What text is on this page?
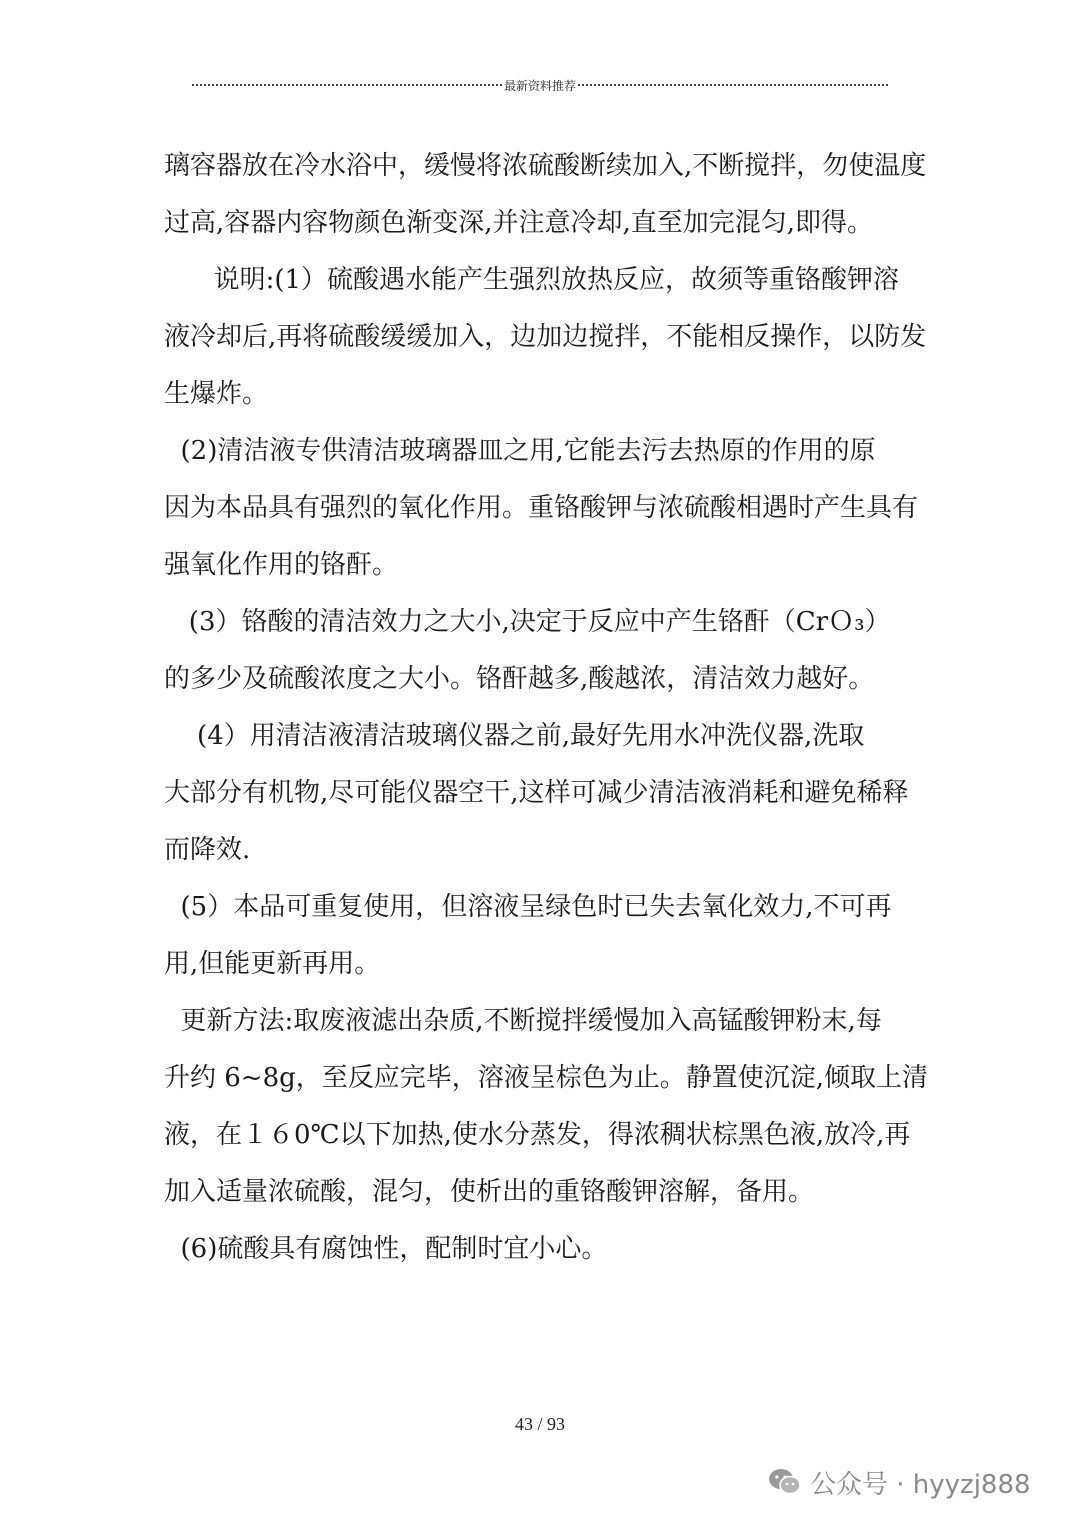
最新资料推荐
璃容器放在冷水浴中，缓慢将浓硫酸断续加入,不断搅拌，勿使温度
过高,容器内容物颜色渐变深,并注意冷却,直至加完混匀,即得。
说明:(1）硫酸遇水能产生强烈放热反应，故须等重铬酸钾溶
液冷却后,再将硫酸缓缓加入，边加边搅拌，不能相反操作，以防发
生爆炸。
(2)清洁液专供清洁玻璃器皿之用,它能去污去热原的作用的原
因为本品具有强烈的氧化作用。重铬酸钾与浓硫酸相遇时产生具有
强氧化作用的铬酐。
(3）铬酸的清洁效力之大小,决定于反应中产生铬酐（CrＯ₃）
的多少及硫酸浓度之大小。铬酐越多,酸越浓，清洁效力越好。
(4）用清洁液清洁玻璃仪器之前,最好先用水冲洗仪器,洗取
大部分有机物,尽可能仪器空干,这样可减少清洁液消耗和避免稀释
而降效.
(5）本品可重复使用，但溶液呈绿色时已失去氧化效力,不可再
用,但能更新再用。
更新方法:取废液滤出杂质,不断搅拌缓慢加入高锰酸钾粉末,每
升约 6~8g，至反应完毕，溶液呈棕色为止。静置使沉淀,倾取上清
液，在１６0℃以下加热,使水分蒸发，得浓稠状棕黑色液,放冷,再
加入适量浓硫酸，混匀，使析出的重铬酸钾溶解，备用。
(6)硫酸具有腐蚀性，配制时宜小心。
43 / 93
公众号 · hyyzj888
